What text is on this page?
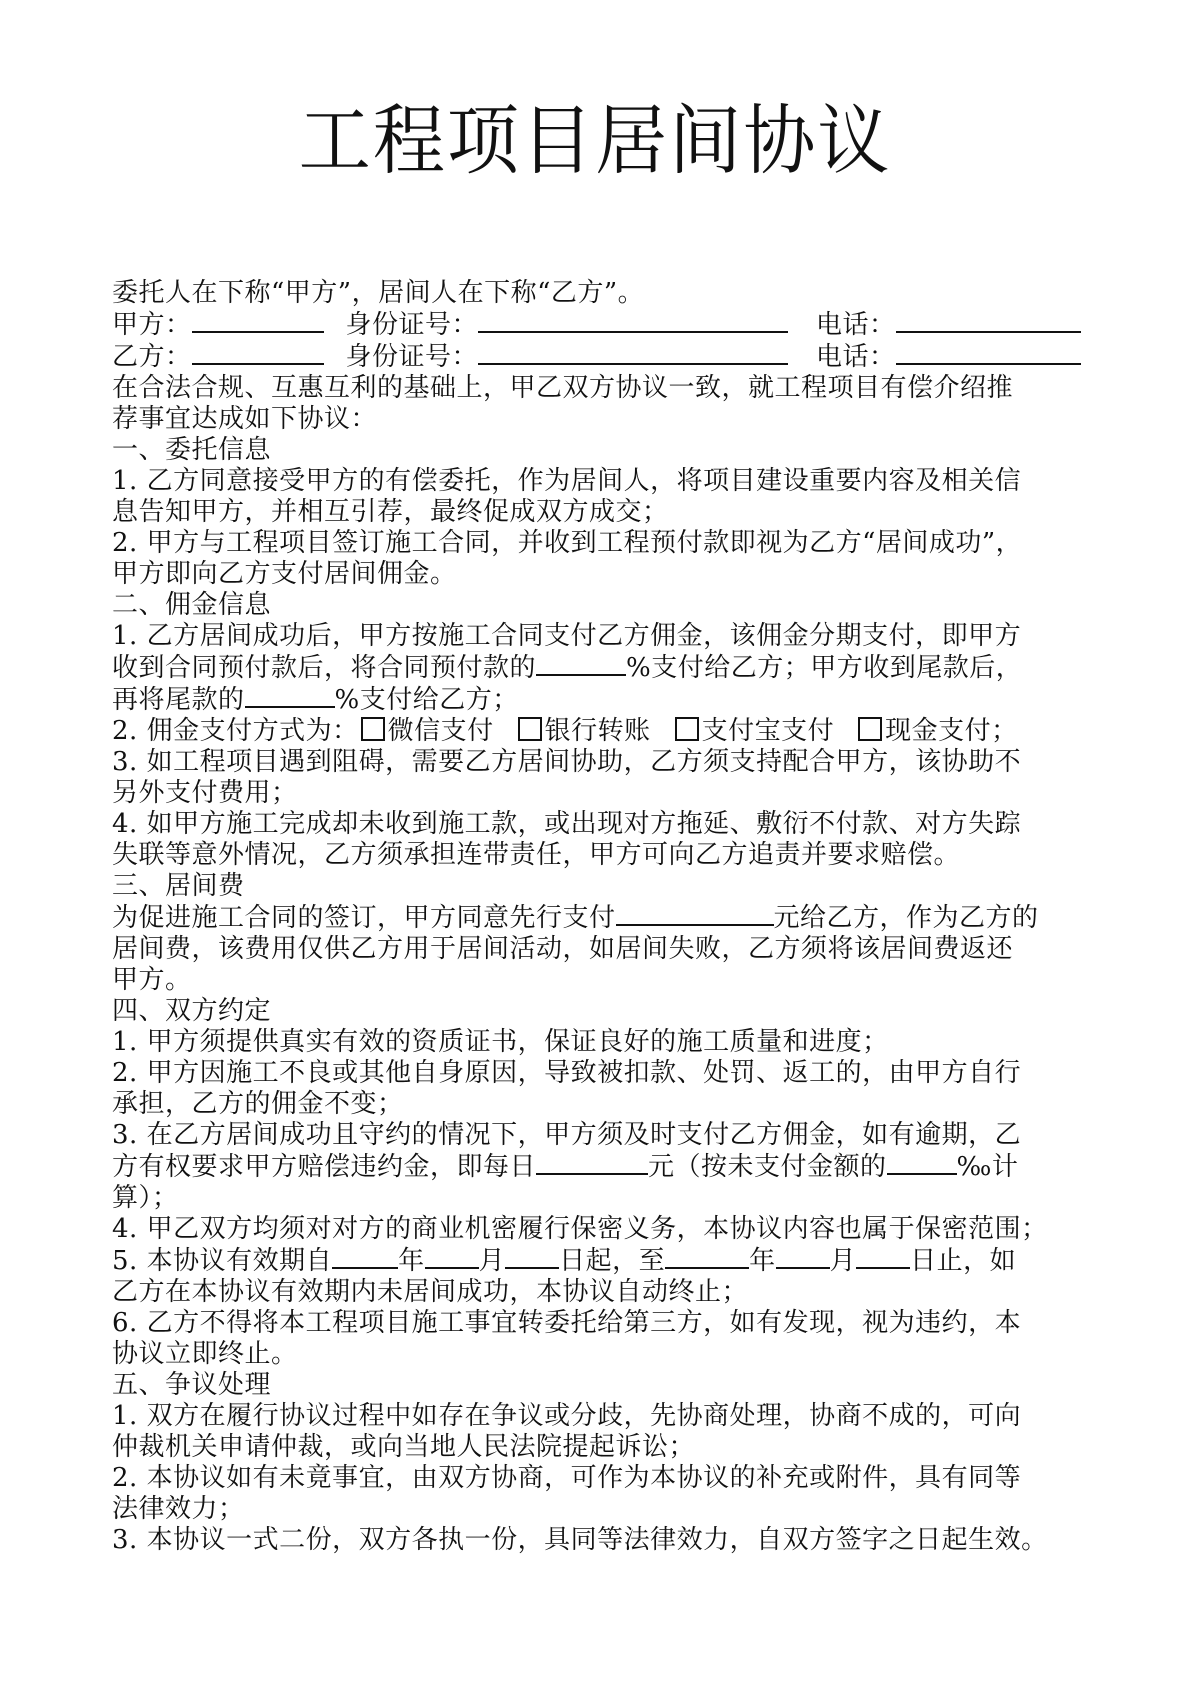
工程项目居间协议
委托人在下称“甲方”，居间人在下称“乙方”。
甲方：	身份证号：	电话：
乙方：	身份证号：	电话：
在合法合规、互惠互利的基础上，甲乙双方协议一致，就工程项目有偿介绍推
荐事宜达成如下协议：
一、委托信息
1. 乙方同意接受甲方的有偿委托，作为居间人，将项目建设重要内容及相关信
息告知甲方，并相互引荐，最终促成双方成交；
2. 甲方与工程项目签订施工合同，并收到工程预付款即视为乙方“居间成功”，
甲方即向乙方支付居间佣金。
二、佣金信息
1. 乙方居间成功后，甲方按施工合同支付乙方佣金，该佣金分期支付，即甲方
收到合同预付款后，将合同预付款的	%支付给乙方；甲方收到尾款后，
再将尾款的	%支付给乙方；
2. 佣金支付方式为： 微信支付 银行转账 支付宝支付 现金支付；
3. 如工程项目遇到阻碍，需要乙方居间协助，乙方须支持配合甲方，该协助不
另外支付费用；
4. 如甲方施工完成却未收到施工款，或出现对方拖延、敷衍不付款、对方失踪
失联等意外情况，乙方须承担连带责任，甲方可向乙方追责并要求赔偿。
三、居间费
为促进施工合同的签订，甲方同意先行支付	元给乙方，作为乙方的
居间费，该费用仅供乙方用于居间活动，如居间失败，乙方须将该居间费返还
甲方。
四、双方约定
1. 甲方须提供真实有效的资质证书，保证良好的施工质量和进度；
2. 甲方因施工不良或其他自身原因，导致被扣款、处罚、返工的，由甲方自行
承担，乙方的佣金不变；
3. 在乙方居间成功且守约的情况下，甲方须及时支付乙方佣金，如有逾期，乙
方有权要求甲方赔偿违约金，即每日	元（按未支付金额的	‰计
算）；
4. 甲乙双方均须对对方的商业机密履行保密义务，本协议内容也属于保密范围；
5. 本协议有效期自	年 月 日起，至	年 月 日止，如
乙方在本协议有效期内未居间成功，本协议自动终止；
6. 乙方不得将本工程项目施工事宜转委托给第三方，如有发现，视为违约，本
协议立即终止。
五、争议处理
1. 双方在履行协议过程中如存在争议或分歧，先协商处理，协商不成的，可向
仲裁机关申请仲裁，或向当地人民法院提起诉讼；
2. 本协议如有未竟事宜，由双方协商，可作为本协议的补充或附件，具有同等
法律效力；
3. 本协议一式二份，双方各执一份，具同等法律效力，自双方签字之日起生效。
